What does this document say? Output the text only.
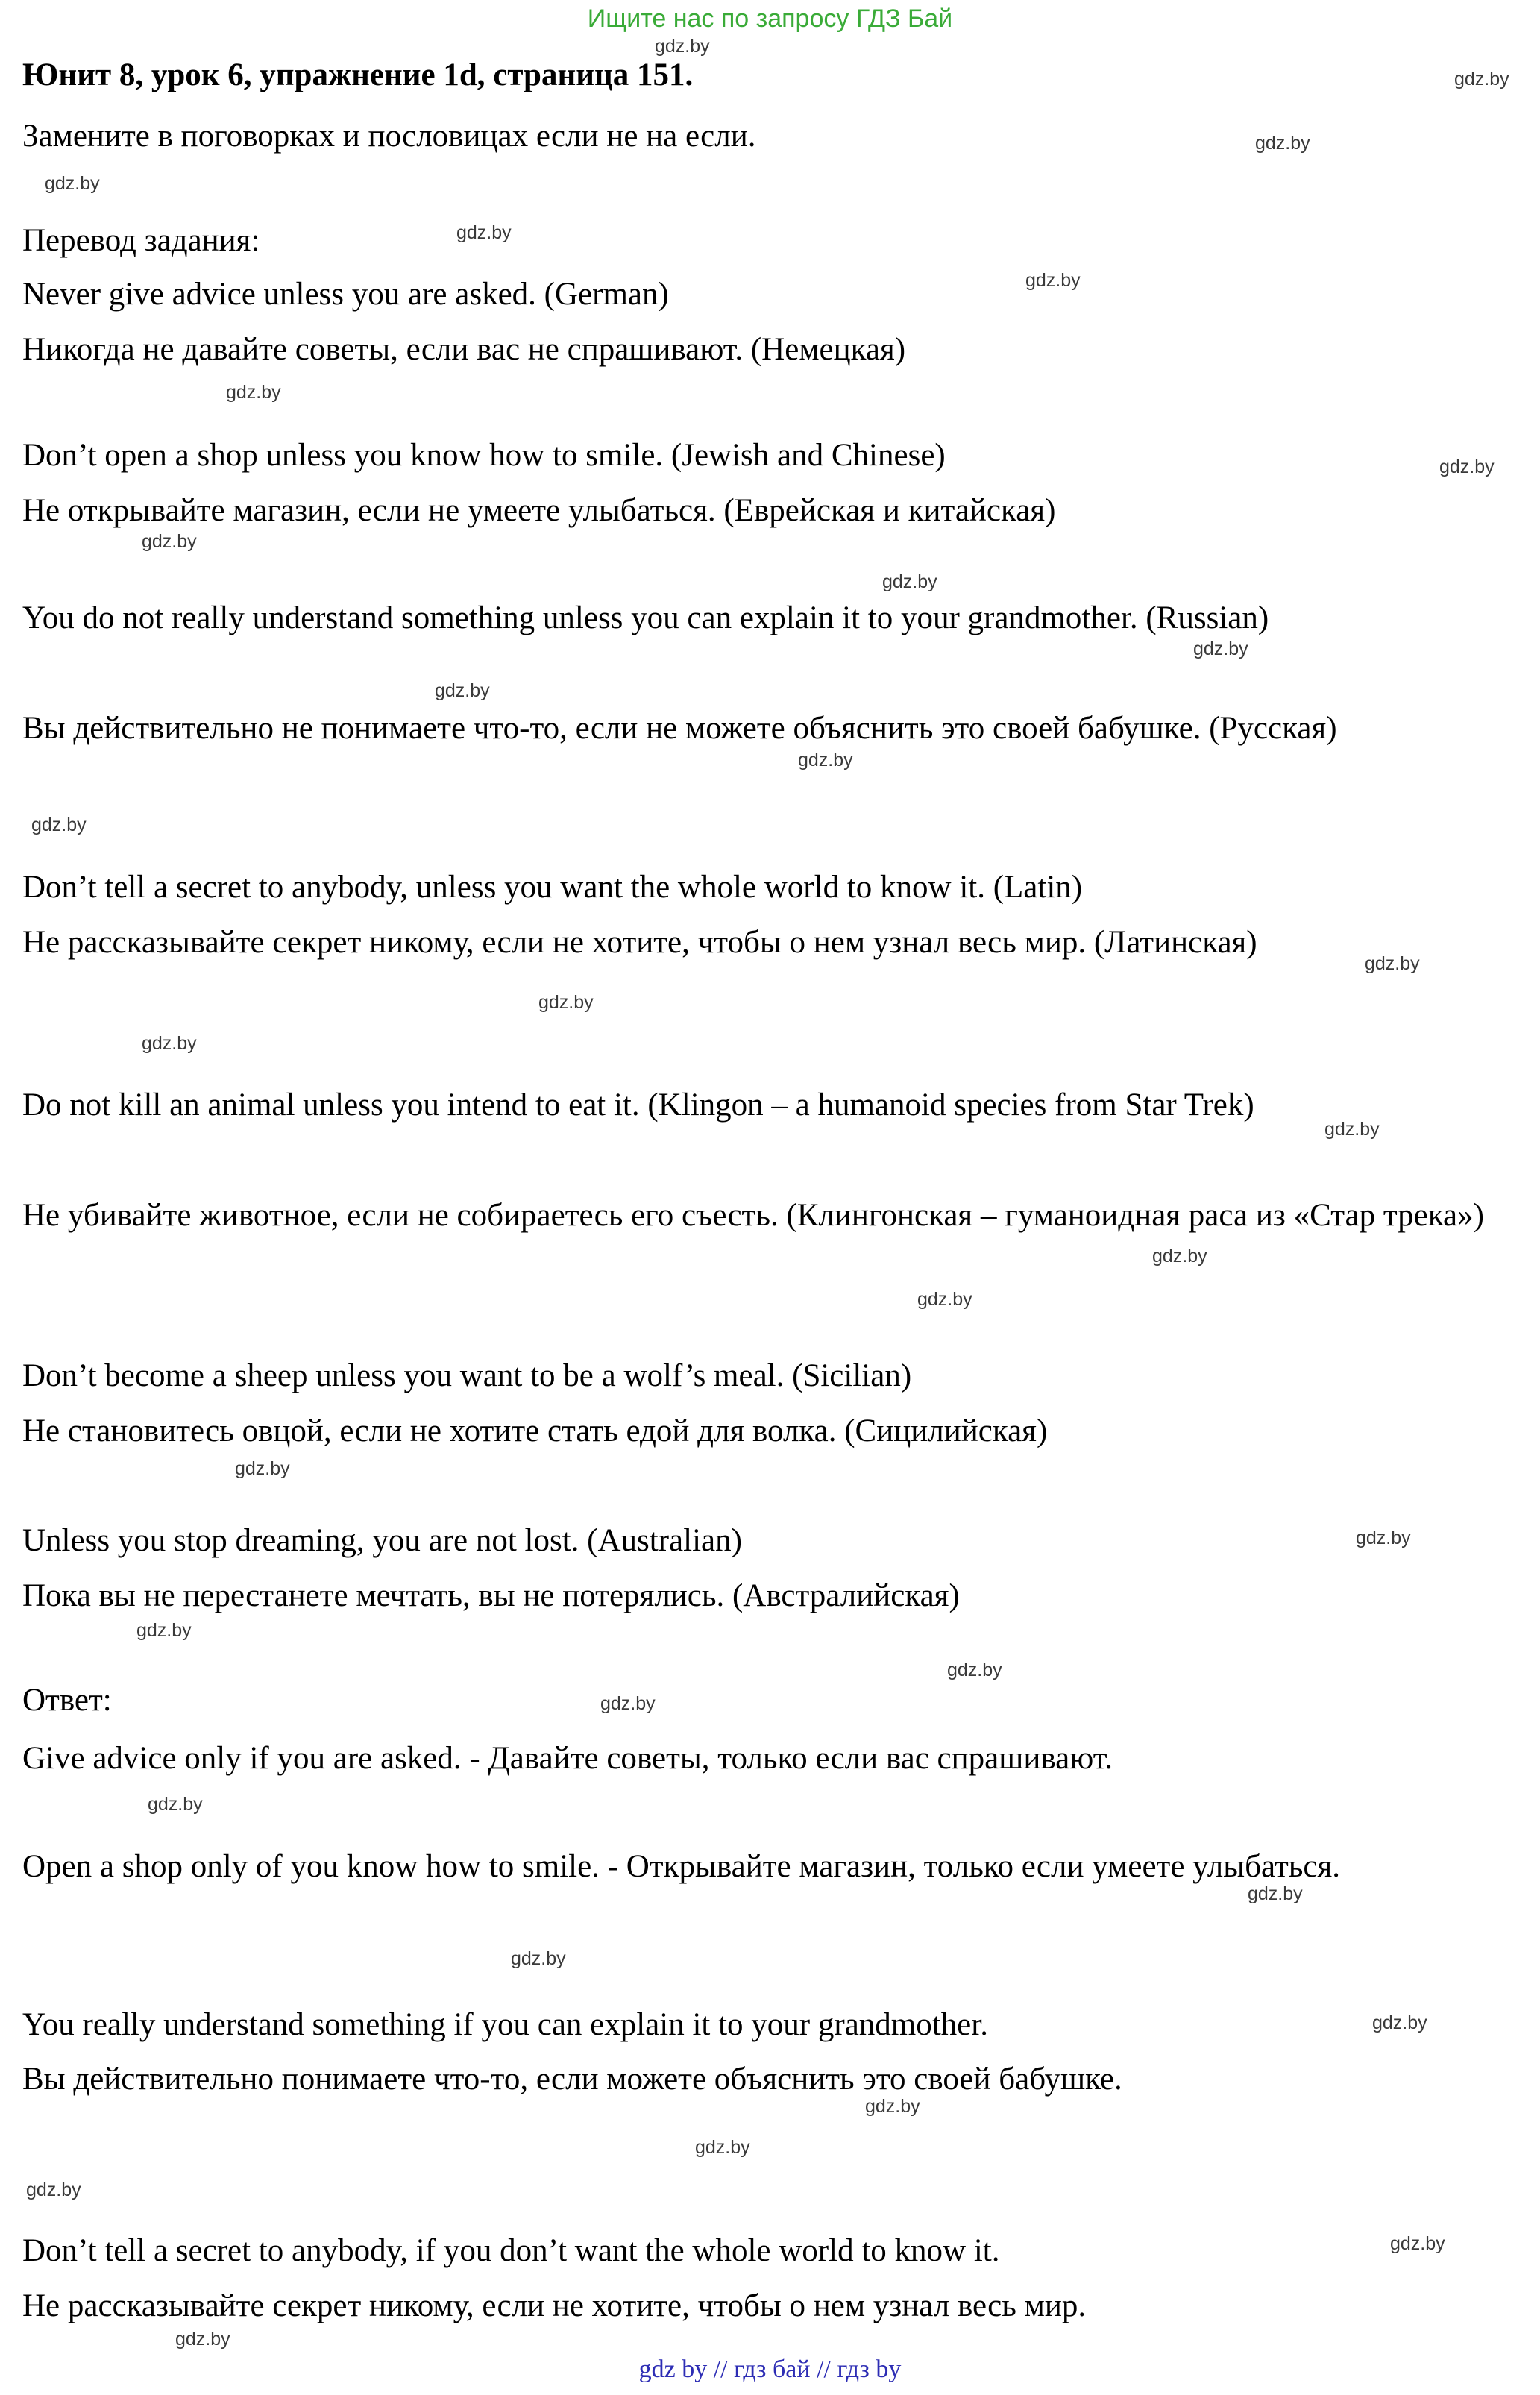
Ищите нас по запросу ГДЗ Бай
Юнит 8, урок 6, упражнение 1d, страница 151.

Замените в поговорках и пословицах если не на если.

Перевод задания:

Never give advice unless you are asked. (German)

Никогда не давайте советы, если вас не спрашивают. (Немецкая)

Don’t open a shop unless you know how to smile. (Jewish and Chinese)

Не открывайте магазин, если не умеете улыбаться. (Еврейская и китайская)

You do not really understand something unless you can explain it to your grandmother. (Russian)

Вы действительно не понимаете что-то, если не можете объяснить это своей бабушке. (Русская)

Don’t tell a secret to anybody, unless you want the whole world to know it. (Latin)

Не рассказывайте секрет никому, если не хотите, чтобы о нем узнал весь мир. (Латинская)

Do not kill an animal unless you intend to eat it. (Klingon – a humanoid species from Star Trek)

Не убивайте животное, если не собираетесь его съесть. (Клингонская – гуманоидная раса из «Стар трека»)

Don’t become a sheep unless you want to be a wolf’s meal. (Sicilian)

Не становитесь овцой, если не хотите стать едой для волка. (Сицилийская)

Unless you stop dreaming, you are not lost. (Australian)

Пока вы не перестанете мечтать, вы не потерялись. (Австралийская)

Ответ:

Give advice only if you are asked. - Давайте советы, только если вас спрашивают.

Open a shop only of you know how to smile. - Открывайте магазин, только если умеете улыбаться.

You really understand something if you can explain it to your grandmother.

Вы действительно понимаете что-то, если можете объяснить это своей бабушке.

Don’t tell a secret to anybody, if you don’t want the whole world to know it.

Не рассказывайте секрет никому, если не хотите, чтобы о нем узнал весь мир.

gdz.by
gdz.by
gdz.by
gdz.by
gdz.by
gdz.by
gdz.by
gdz.by
gdz.by
gdz.by
gdz.by
gdz.by
gdz.by
gdz.by
gdz.by
gdz.by
gdz.by
gdz.by
gdz.by
gdz.by
gdz.by
gdz.by
gdz.by
gdz.by
gdz.by
gdz.by
gdz.by
gdz.by
gdz.by
gdz.by
gdz.by
gdz.by
gdz.by
gdz.by
gdz by // гдз бай // гдз by
